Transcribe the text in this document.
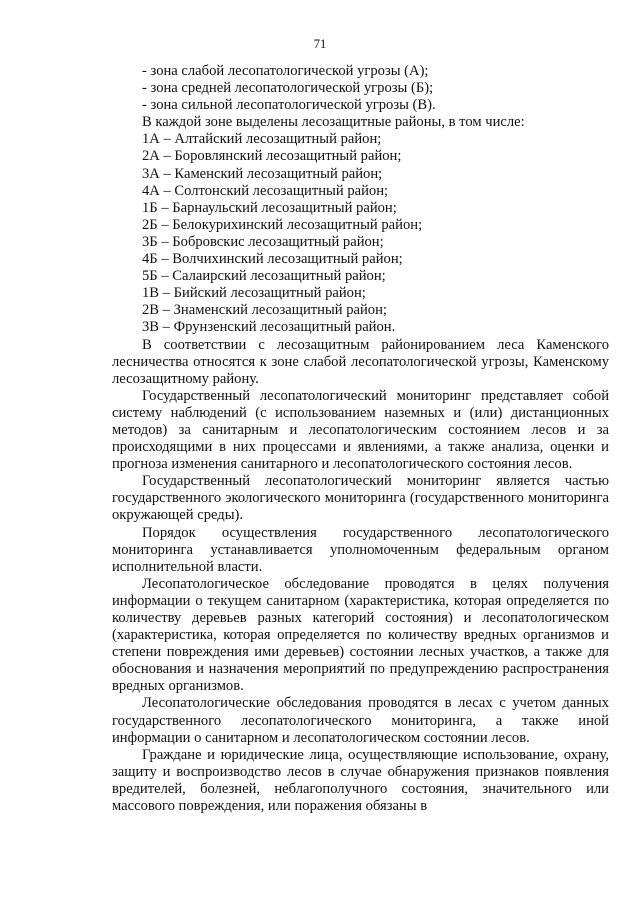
71
- зона слабой лесопатологической угрозы (А);
- зона средней лесопатологической угрозы (Б);
- зона сильной лесопатологической угрозы (В).
В каждой зоне выделены лесозащитные районы, в том числе:
1А – Алтайский лесозащитный район;
2А – Боровлянский лесозащитный район;
3А – Каменский лесозащитный район;
4А – Солтонский лесозащитный район;
1Б – Барнаульский лесозащитный район;
2Б – Белокурихинский лесозащитный район;
3Б – Бобровскис лесозащитный район;
4Б – Волчихинский лесозащитный район;
5Б – Салаирский лесозащитный район;
1В – Бийский лесозащитный район;
2В – Знаменский лесозащитный район;
3В – Фрунзенский лесозащитный район.

В соответствии с лесозащитным районированием леса Каменского лесничества относятся к зоне слабой лесопатологической угрозы, Каменскому лесозащитному району.

Государственный лесопатологический мониторинг представляет собой систему наблюдений (с использованием наземных и (или) дистанционных методов) за санитарным и лесопатологическим состоянием лесов и за происходящими в них процессами и явлениями, а также анализа, оценки и прогноза изменения санитарного и лесопатологического состояния лесов.

Государственный лесопатологический мониторинг является частью государственного экологического мониторинга (государственного мониторинга окружающей среды).

Порядок осуществления государственного лесопатологического мониторинга устанавливается уполномоченным федеральным органом исполнительной власти.

Лесопатологическое обследование проводятся в целях получения информации о текущем санитарном (характеристика, которая определяется по количеству деревьев разных категорий состояния) и лесопатологическом (характеристика, которая определяется по количеству вредных организмов и степени повреждения ими деревьев) состоянии лесных участков, а также для обоснования и назначения мероприятий по предупреждению распространения вредных организмов.

Лесопатологические обследования проводятся в лесах с учетом данных государственного лесопатологического мониторинга, а также иной информации о санитарном и лесопатологическом состоянии лесов.

Граждане и юридические лица, осуществляющие использование, охрану, защиту и воспроизводство лесов в случае обнаружения признаков появления вредителей, болезней, неблагополучного состояния, значительного или массового повреждения, или поражения обязаны в
